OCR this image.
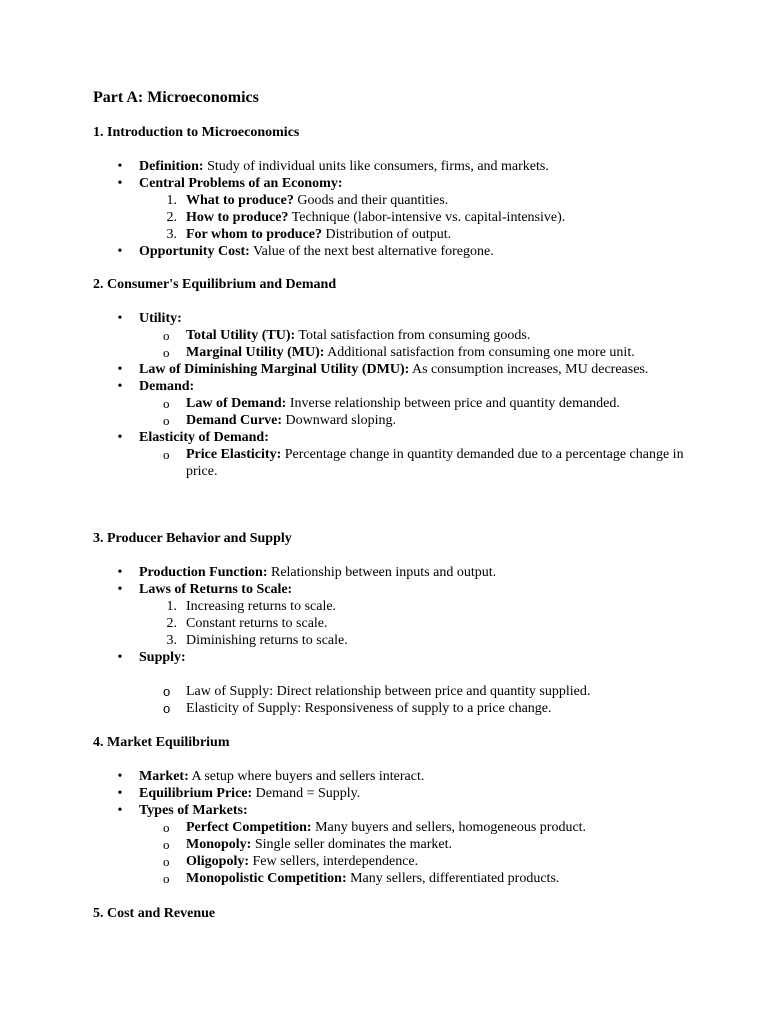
Part A: Microeconomics
1. Introduction to Microeconomics
• Definition: Study of individual units like consumers, firms, and markets.
• Central Problems of an Economy:
1. What to produce? Goods and their quantities.
2. How to produce? Technique (labor-intensive vs. capital-intensive).
3. For whom to produce? Distribution of output.
• Opportunity Cost: Value of the next best alternative foregone.
2. Consumer's Equilibrium and Demand
• Utility:
o Total Utility (TU): Total satisfaction from consuming goods.
o Marginal Utility (MU): Additional satisfaction from consuming one more unit.
• Law of Diminishing Marginal Utility (DMU): As consumption increases, MU decreases.
• Demand:
o Law of Demand: Inverse relationship between price and quantity demanded.
o Demand Curve: Downward sloping.
• Elasticity of Demand:
o Price Elasticity: Percentage change in quantity demanded due to a percentage change in price.
3. Producer Behavior and Supply
• Production Function: Relationship between inputs and output.
• Laws of Returns to Scale:
1. Increasing returns to scale.
2. Constant returns to scale.
3. Diminishing returns to scale.
• Supply:
o Law of Supply: Direct relationship between price and quantity supplied.
o Elasticity of Supply: Responsiveness of supply to a price change.
4. Market Equilibrium
• Market: A setup where buyers and sellers interact.
• Equilibrium Price: Demand = Supply.
• Types of Markets:
o Perfect Competition: Many buyers and sellers, homogeneous product.
o Monopoly: Single seller dominates the market.
o Oligopoly: Few sellers, interdependence.
o Monopolistic Competition: Many sellers, differentiated products.
5. Cost and Revenue
